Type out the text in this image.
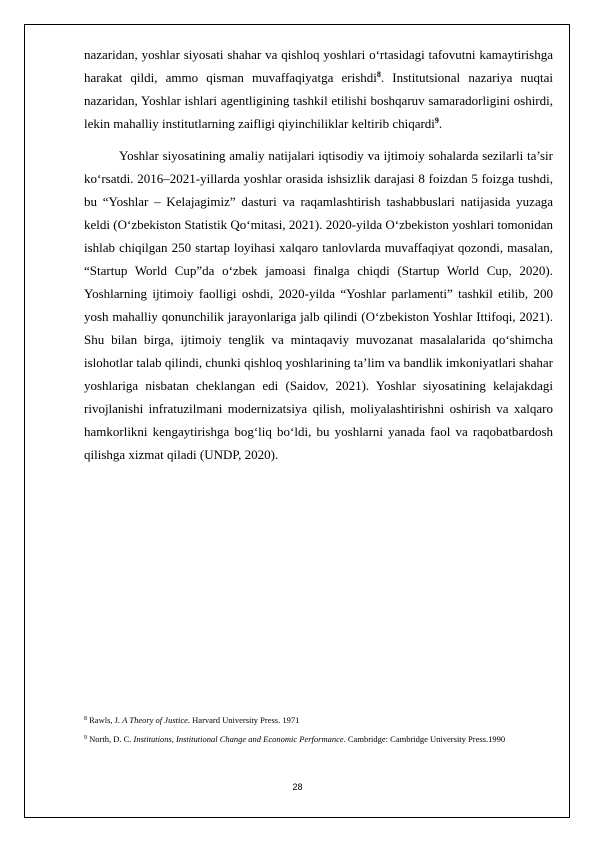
nazaridan, yoshlar siyosati shahar va qishloq yoshlari o‘rtasidagi tafovutni kamaytirishga harakat qildi, ammo qisman muvaffaqiyatga erishdi$^8$. Institutsional nazariya nuqtai nazaridan, Yoshlar ishlari agentligining tashkil etilishi boshqaruv samaradorligini oshirdi, lekin mahalliy institutlarning zaifligi qiyinchiliklar keltirib chiqardi$^9$.

Yoshlar siyosatining amaliy natijalari iqtisodiy va ijtimoiy sohalarda sezilarli ta’sir ko‘rsatdi. 2016–2021-yillarda yoshlar orasida ishsizlik darajasi 8 foizdan 5 foizga tushdi, bu “Yoshlar – Kelajagimiz” dasturi va raqamlashtirish tashabbuslari natijasida yuzaga keldi (O‘zbekiston Statistik Qo‘mitasi, 2021). 2020-yilda O‘zbekiston yoshlari tomonidan ishlab chiqilgan 250 startap loyihasi xalqaro tanlovlarda muvaffaqiyat qozondi, masalan, “Startup World Cup”da o‘zbek jamoasi finalga chiqdi (Startup World Cup, 2020). Yoshlarning ijtimoiy faolligi oshdi, 2020-yilda “Yoshlar parlamenti” tashkil etilib, 200 yosh mahalliy qonunchilik jarayonlariga jalb qilindi (O‘zbekiston Yoshlar Ittifoqi, 2021). Shu bilan birga, ijtimoiy tenglik va mintaqaviy muvozanat masalalarida qo‘shimcha islohotlar talab qilindi, chunki qishloq yoshlarining ta’lim va bandlik imkoniyatlari shahar yoshlariga nisbatan cheklangan edi (Saidov, 2021). Yoshlar siyosatining kelajakdagi rivojlanishi infratuzilmani modernizatsiya qilish, moliyalashtirishni oshirish va xalqaro hamkorlikni kengaytirishga bog‘liq bo‘ldi, bu yoshlarni yanada faol va raqobatbardosh qilishga xizmat qiladi (UNDP, 2020).

$^8$ Rawls, J. A Theory of Justice. Harvard University Press. 1971
$^9$ North, D. C. Institutions, Institutional Change and Economic Performance. Cambridge: Cambridge University Press.1990
28
